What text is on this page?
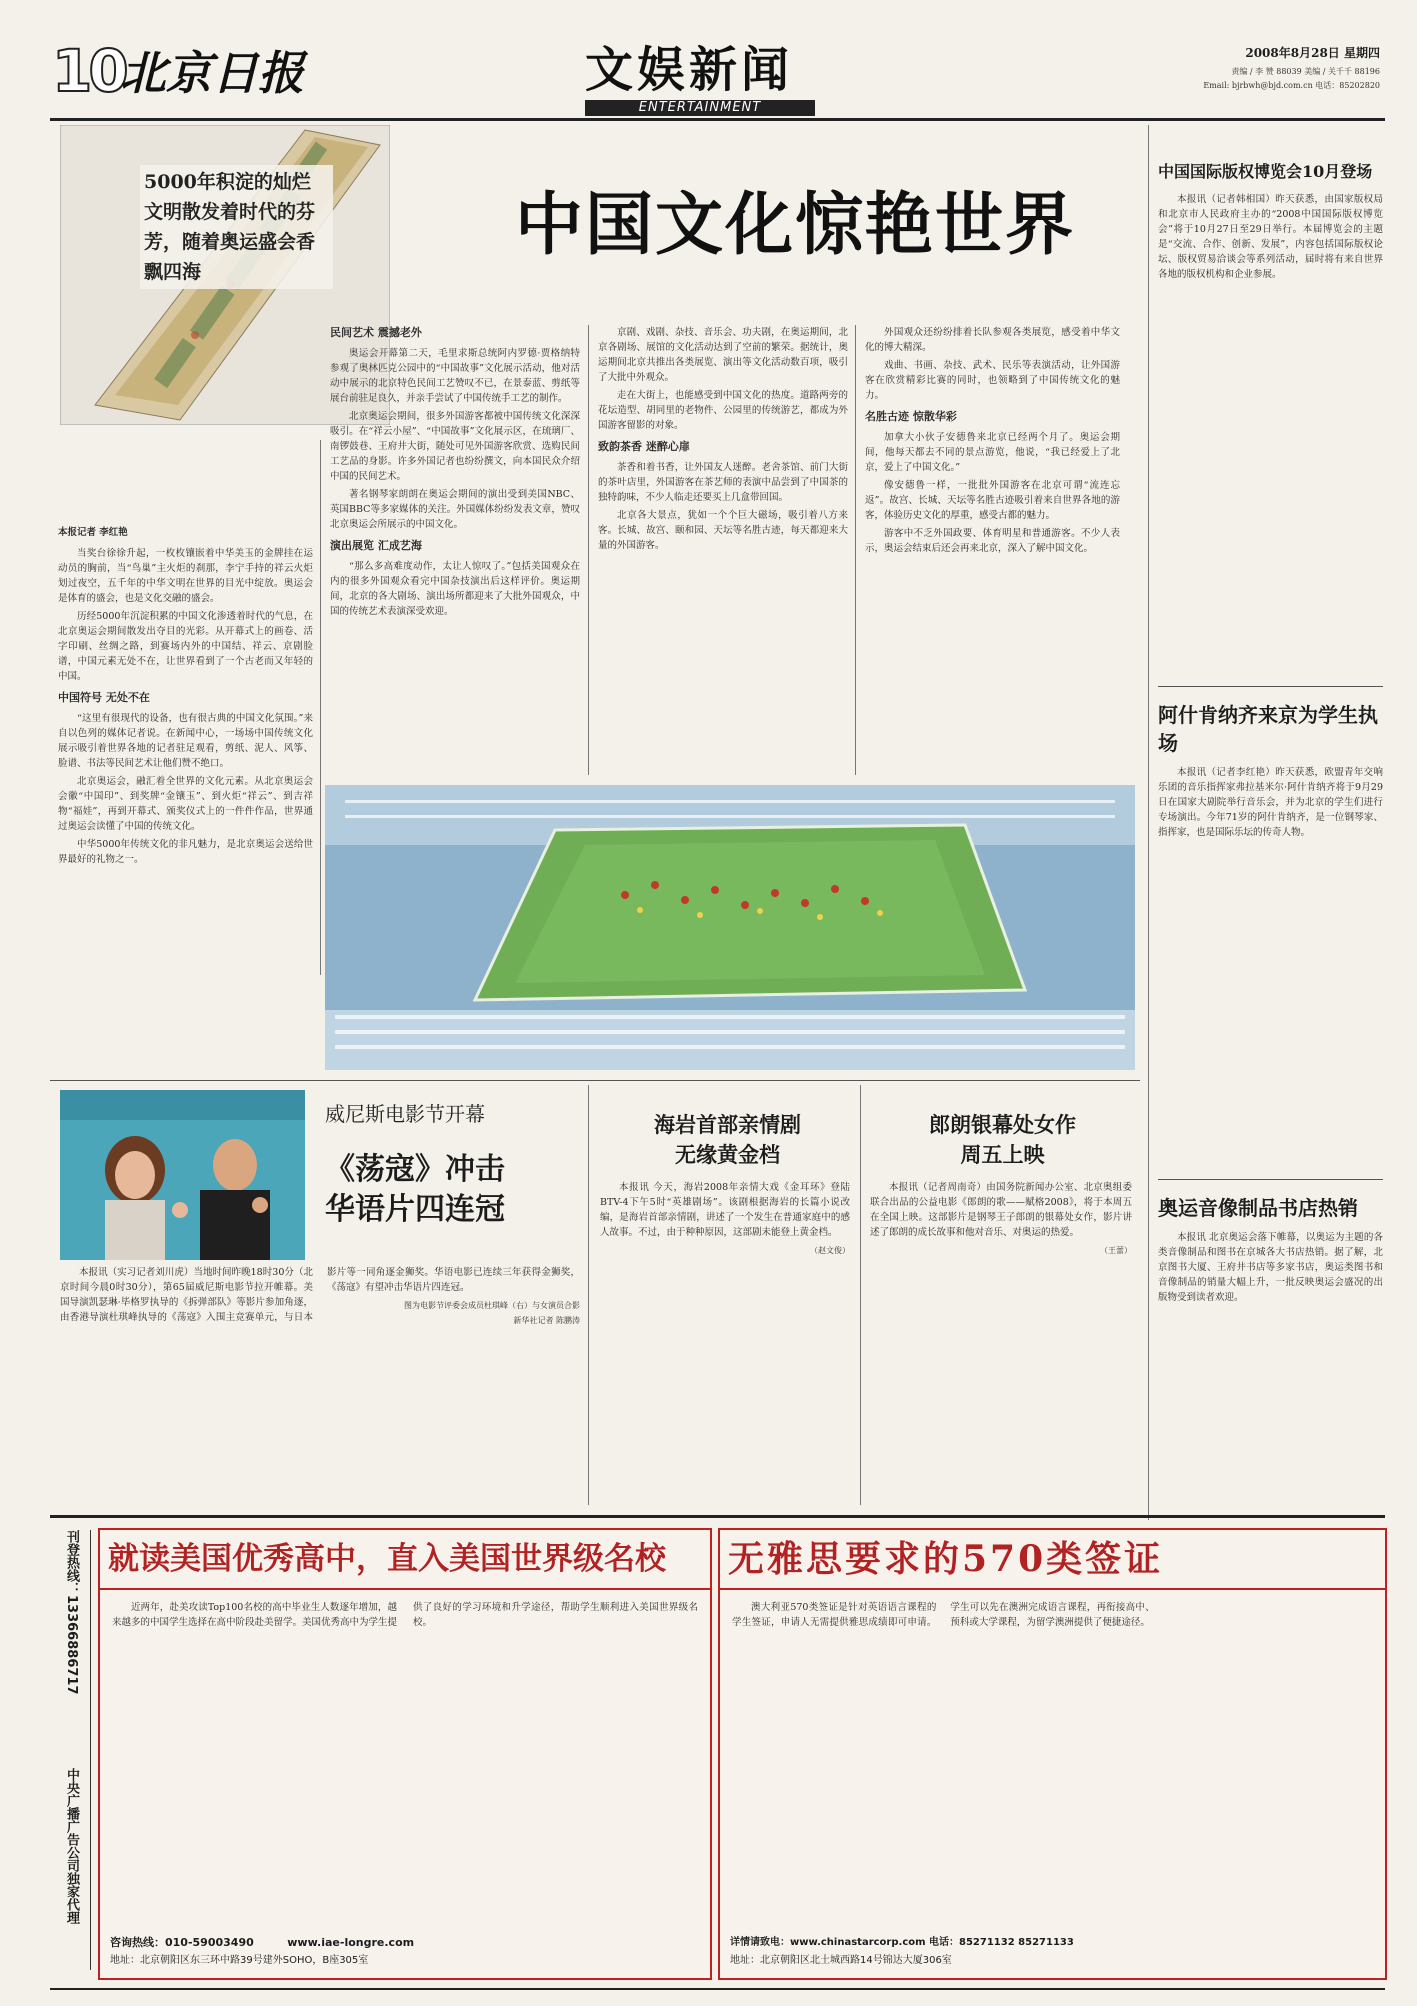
10
北京日报	文娱新闻
ENTERTAINMENT
2008年8月28日 星期四
责编 / 李 赞 88039 美编 / 关千千 88196
Email: bjrbwh@bjd.com.cn 电话：85202820
5000年积淀的灿烂文明散发着时代的芬芳，随着奥运盛会香飘四海
中国文化惊艳世界
本报记者 李红艳

当奖台徐徐升起，一枚枚镶嵌着中华美玉的金牌挂在运动员的胸前，当“鸟巢”主火炬的刹那，李宁手持的祥云火炬划过夜空，五千年的中华文明在世界的目光中绽放。奥运会是体育的盛会，也是文化交融的盛会。

历经5000年沉淀积累的中国文化渗透着时代的气息，在北京奥运会期间散发出夺目的光彩。从开幕式上的画卷、活字印刷、丝绸之路，到赛场内外的中国结、祥云、京剧脸谱，中国元素无处不在，让世界看到了一个古老而又年轻的中国。

中国符号 无处不在

“这里有很现代的设备，也有很古典的中国文化氛围。”来自以色列的媒体记者说。在新闻中心，一场场中国传统文化展示吸引着世界各地的记者驻足观看，剪纸、泥人、风筝、脸谱、书法等民间艺术让他们赞不绝口。

北京奥运会，融汇着全世界的文化元素。从北京奥运会会徽“中国印”、到奖牌“金镶玉”、到火炬“祥云”、到吉祥物“福娃”，再到开幕式、颁奖仪式上的一件件作品，世界通过奥运会读懂了中国的传统文化。

中华5000年传统文化的非凡魅力，是北京奥运会送给世界最好的礼物之一。

民间艺术 震撼老外

奥运会开幕第二天，毛里求斯总统阿内罗德·贾格纳特参观了奥林匹克公园中的“中国故事”文化展示活动，他对活动中展示的北京特色民间工艺赞叹不已，在景泰蓝、剪纸等展台前驻足良久，并亲手尝试了中国传统手工艺的制作。

北京奥运会期间，很多外国游客都被中国传统文化深深吸引。在“祥云小屋”、“中国故事”文化展示区，在琉璃厂、南锣鼓巷、王府井大街，随处可见外国游客欣赏、选购民间工艺品的身影。许多外国记者也纷纷撰文，向本国民众介绍中国的民间艺术。

著名钢琴家朗朗在奥运会期间的演出受到美国NBC、英国BBC等多家媒体的关注。外国媒体纷纷发表文章，赞叹北京奥运会所展示的中国文化。

演出展览 汇成艺海

“那么多高难度动作，太让人惊叹了。”包括美国观众在内的很多外国观众看完中国杂技演出后这样评价。奥运期间，北京的各大剧场、演出场所都迎来了大批外国观众，中国的传统艺术表演深受欢迎。

京剧、戏剧、杂技、音乐会、功夫剧，在奥运期间，北京各剧场、展馆的文化活动达到了空前的繁荣。据统计，奥运期间北京共推出各类展览、演出等文化活动数百项，吸引了大批中外观众。

走在大街上，也能感受到中国文化的热度。道路两旁的花坛造型、胡同里的老物件、公园里的传统游艺，都成为外国游客留影的对象。

致韵茶香 迷醉心扉

茶香和着书香，让外国友人迷醉。老舍茶馆、前门大街的茶叶店里，外国游客在茶艺师的表演中品尝到了中国茶的独特韵味，不少人临走还要买上几盒带回国。

北京各大景点，犹如一个个巨大磁场，吸引着八方来客。长城、故宫、颐和园、天坛等名胜古迹，每天都迎来大量的外国游客。

外国观众还纷纷排着长队参观各类展览，感受着中华文化的博大精深。

戏曲、书画、杂技、武术、民乐等表演活动，让外国游客在欣赏精彩比赛的同时，也领略到了中国传统文化的魅力。

名胜古迹 惊散华彩

加拿大小伙子安德鲁来北京已经两个月了。奥运会期间，他每天都去不同的景点游览，他说，“我已经爱上了北京，爱上了中国文化。”

像安德鲁一样，一批批外国游客在北京可谓“流连忘返”。故宫、长城、天坛等名胜古迹吸引着来自世界各地的游客，体验历史文化的厚重，感受古都的魅力。

游客中不乏外国政要、体育明星和普通游客。不少人表示，奥运会结束后还会再来北京，深入了解中国文化。

中国国际版权博览会10月登场

本报讯（记者韩相国）昨天获悉，由国家版权局和北京市人民政府主办的“2008中国国际版权博览会”将于10月27日至29日举行。本届博览会的主题是“交流、合作、创新、发展”，内容包括国际版权论坛、版权贸易洽谈会等系列活动，届时将有来自世界各地的版权机构和企业参展。

阿什肯纳齐来京为学生执场

本报讯（记者李红艳）昨天获悉，欧盟青年交响乐团的音乐指挥家弗拉基米尔·阿什肯纳齐将于9月29日在国家大剧院举行音乐会，并为北京的学生们进行专场演出。今年71岁的阿什肯纳齐，是一位钢琴家、指挥家，也是国际乐坛的传奇人物。

奥运音像制品书店热销

本报讯 北京奥运会落下帷幕，以奥运为主题的各类音像制品和图书在京城各大书店热销。据了解，北京图书大厦、王府井书店等多家书店，奥运类图书和音像制品的销量大幅上升，一批反映奥运会盛况的出版物受到读者欢迎。

威尼斯电影节开幕
《荡寇》冲击
华语片四连冠

本报讯（实习记者刘川虎）当地时间昨晚18时30分（北京时间今晨0时30分），第65届威尼斯电影节拉开帷幕。美国导演凯瑟琳·毕格罗执导的《拆弹部队》等影片参加角逐，由香港导演杜琪峰执导的《荡寇》入围主竞赛单元，与日本影片等一同角逐金狮奖。华语电影已连续三年获得金狮奖，《荡寇》有望冲击华语片四连冠。

图为电影节评委会成员杜琪峰（右）与女演员合影
新华社记者 陈鹏涛
海岩首部亲情剧
无缘黄金档

本报讯 今天，海岩2008年亲情大戏《金耳环》登陆BTV-4下午5时“英雄剧场”。该剧根据海岩的长篇小说改编，是海岩首部亲情剧，讲述了一个发生在普通家庭中的感人故事。不过，由于种种原因，这部剧未能登上黄金档。

（赵文俊）
郎朗银幕处女作
周五上映

本报讯（记者周南奇）由国务院新闻办公室、北京奥组委联合出品的公益电影《郎朗的歌——赋格2008》，将于本周五在全国上映。这部影片是钢琴王子郎朗的银幕处女作，影片讲述了郎朗的成长故事和他对音乐、对奥运的热爱。

（王蕾）
刊登热线：13366886717
中央广播广告公司独家代理
就读美国优秀高中，直入美国世界级名校

近两年，赴美攻读Top100名校的高中毕业生人数逐年增加，越来越多的中国学生选择在高中阶段赴美留学。美国优秀高中为学生提供了良好的学习环境和升学途径，帮助学生顺利进入美国世界级名校。

咨询热线：010-59003490	www.iae-longre.com
地址：北京朝阳区东三环中路39号建外SOHO，B座305室
无雅思要求的570类签证

澳大利亚570类签证是针对英语语言课程的学生签证，申请人无需提供雅思成绩即可申请。学生可以先在澳洲完成语言课程，再衔接高中、预科或大学课程，为留学澳洲提供了便捷途径。

详情请致电：www.chinastarcorp.com 电话：85271132 85271133
地址：北京朝阳区北土城西路14号锦达大厦306室
